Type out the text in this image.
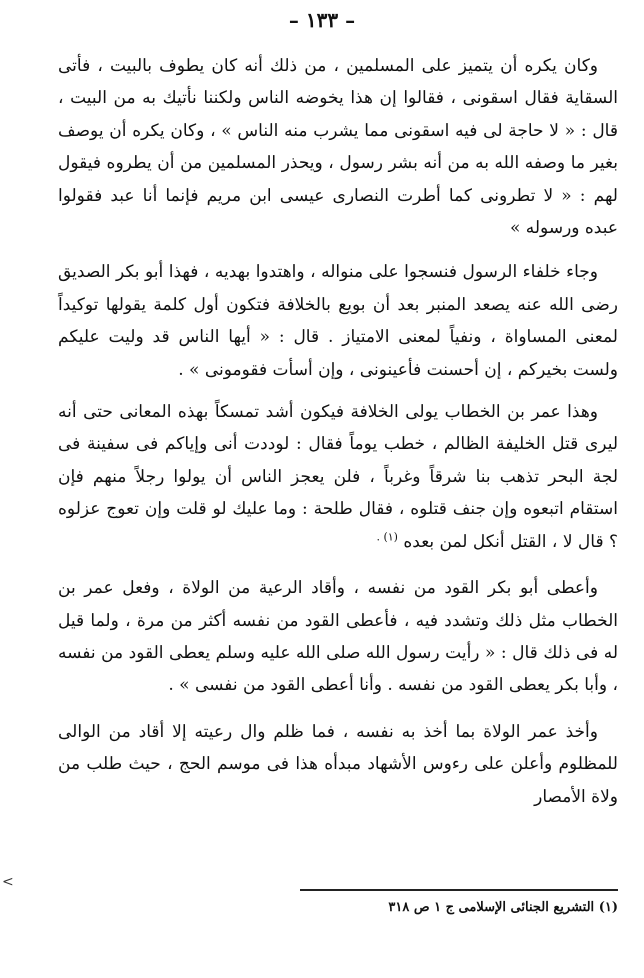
– ١٣٣ –

وكان يكره أن يتميز على المسلمين ، من ذلك أنه كان يطوف بالبيت ، فأتى السقاية فقال اسقونى ، فقالوا إن هذا يخوضه الناس ولكننا نأتيك به من البيت ، قال : « لا حاجة لى فيه اسقونى مما يشرب منه الناس » ، وكان يكره أن يوصف بغير ما وصفه الله به من أنه بشر رسول ، ويحذر المسلمين من أن يطروه فيقول لهم : « لا تطرونى كما أطرت النصارى عيسى ابن مريم فإنما أنا عبد فقولوا عبده ورسوله »

وجاء خلفاء الرسول فنسجوا على منواله ، واهتدوا بهديه ، فهذا أبو بكر الصديق رضى الله عنه يصعد المنبر بعد أن بويع بالخلافة فتكون أول كلمة يقولها توكيداً لمعنى المساواة ، ونفياً لمعنى الامتياز . قال : « أيها الناس قد وليت عليكم ولست بخيركم ، إن أحسنت فأعينونى ، وإن أسأت فقومونى » .

وهذا عمر بن الخطاب يولى الخلافة فيكون أشد تمسكاً بهذه المعانى حتى أنه ليرى قتل الخليفة الظالم ، خطب يوماً فقال : لوددت أنى وإياكم فى سفينة فى لجة البحر تذهب بنا شرقاً وغرباً ، فلن يعجز الناس أن يولوا رجلاً منهم فإن استقام اتبعوه وإن جنف قتلوه ، فقال طلحة : وما عليك لو قلت وإن تعوج عزلوه ؟ قال لا ، القتل أنكل لمن بعده $^{(١) .}$

وأعطى أبو بكر القود من نفسه ، وأقاد الرعية من الولاة ، وفعل عمر بن الخطاب مثل ذلك وتشدد فيه ، فأعطى القود من نفسه أكثر من مرة ، ولما قيل له فى ذلك قال : « رأيت رسول الله صلى الله عليه وسلم يعطى القود من نفسه ، وأبا بكر يعطى القود من نفسه . وأنا أعطى القود من نفسى » .

وأخذ عمر الولاة بما أخذ به نفسه ، فما ظلم وال رعيته إلا أقاد من الوالى للمظلوم وأعلن على رءوس الأشهاد مبدأه هذا فى موسم الحج ، حيث طلب من ولاة الأمصار

(١) التشريع الجنائى الإسلامى ج ١ ص ٣١٨
<
